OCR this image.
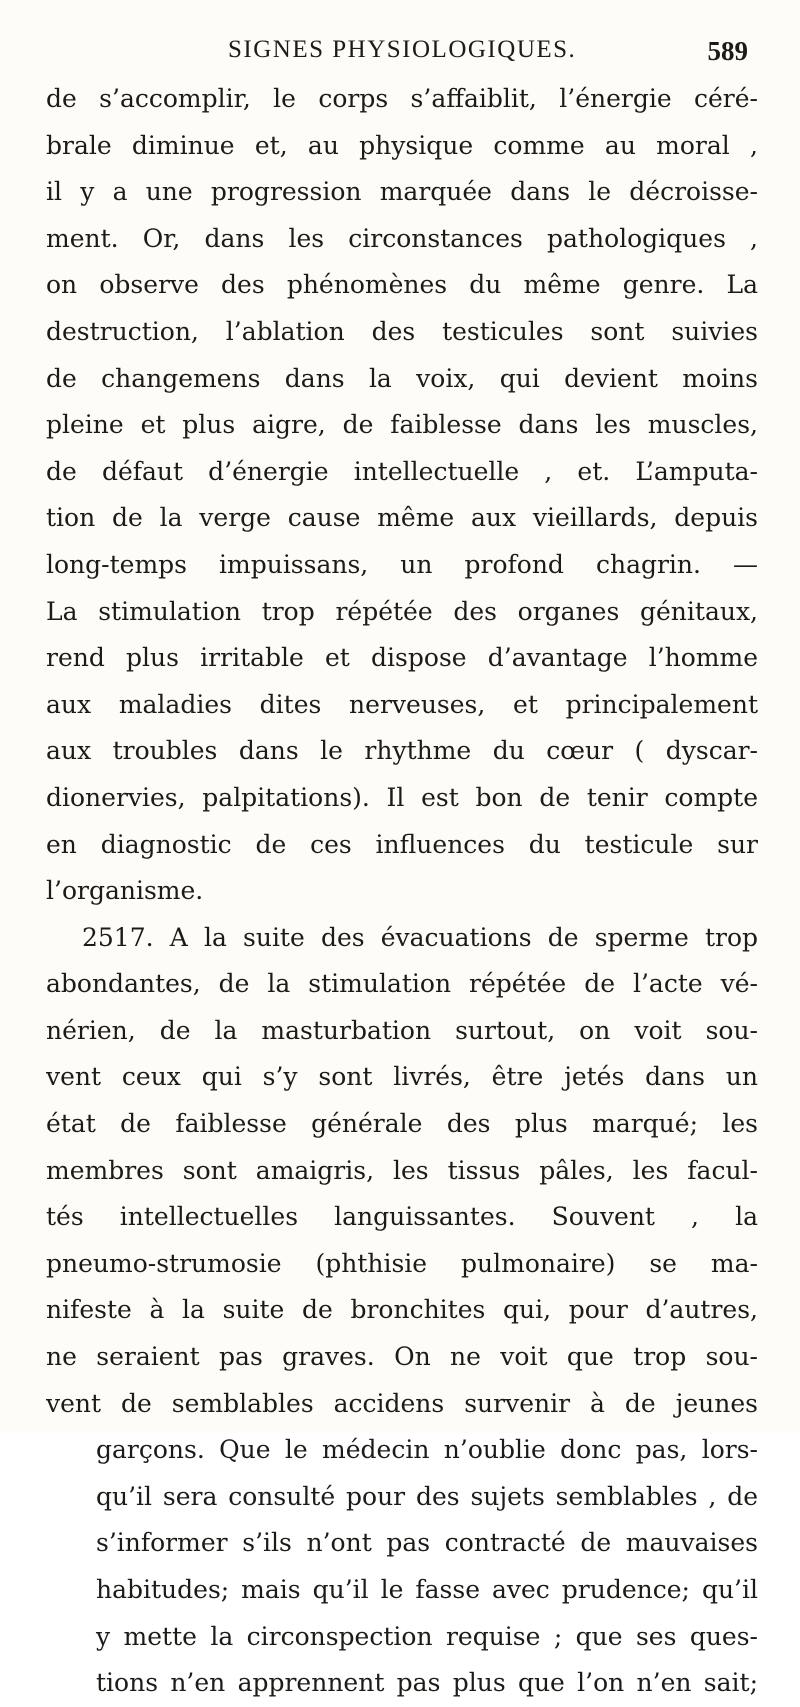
SIGNES PHYSIOLOGIQUES.	589
de s’accomplir, le corps s’affaiblit, l’énergie céré-
brale diminue et, au physique comme au moral ,
il y a une progression marquée dans le décroisse-
ment. Or, dans les circonstances pathologiques ,
on observe des phénomènes du même genre. La
destruction, l’ablation des testicules sont suivies
de changemens dans la voix, qui devient moins
pleine et plus aigre, de faiblesse dans les muscles,
de défaut d’énergie intellectuelle , et. L’amputa-
tion de la verge cause même aux vieillards, depuis
long-temps impuissans, un profond chagrin. —
La stimulation trop répétée des organes génitaux,
rend plus irritable et dispose d’avantage l’homme
aux maladies dites nerveuses, et principalement
aux troubles dans le rhythme du cœur ( dyscar-
dionervies, palpitations). Il est bon de tenir compte
en diagnostic de ces influences du testicule sur
l’organisme.
2517. A la suite des évacuations de sperme trop
abondantes, de la stimulation répétée de l’acte vé-
nérien, de la masturbation surtout, on voit sou-
vent ceux qui s’y sont livrés, être jetés dans un
état de faiblesse générale des plus marqué; les
membres sont amaigris, les tissus pâles, les facul-
tés intellectuelles languissantes. Souvent , la
pneumo-strumosie (phthisie pulmonaire) se ma-
nifeste à la suite de bronchites qui, pour d’autres,
ne seraient pas graves. On ne voit que trop sou-
vent de semblables accidens survenir à de jeunes
garçons. Que le médecin n’oublie donc pas, lors-
qu’il sera consulté pour des sujets semblables , de
s’informer s’ils n’ont pas contracté de mauvaises
habitudes; mais qu’il le fasse avec prudence; qu’il
y mette la circonspection requise ; que ses ques-
tions n’en apprennent pas plus que l’on n’en sait;
